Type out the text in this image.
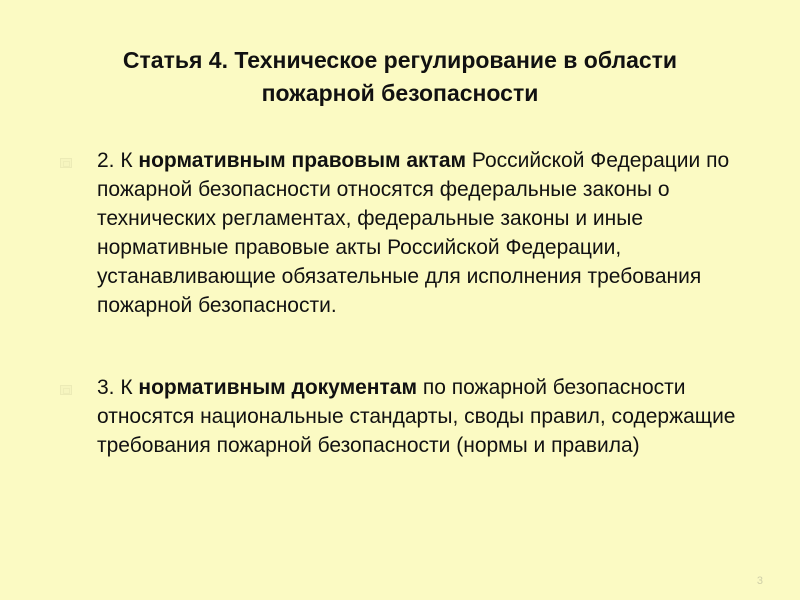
Статья 4. Техническое регулирование в области
пожарной безопасности
2. К нормативным правовым актам Российской Федерации по пожарной безопасности относятся федеральные законы о технических регламентах, федеральные законы и иные нормативные правовые акты Российской Федерации, устанавливающие обязательные для исполнения требования пожарной безопасности.
3. К нормативным документам по пожарной безопасности относятся национальные стандарты, своды правил, содержащие требования пожарной безопасности (нормы и правила)
3
